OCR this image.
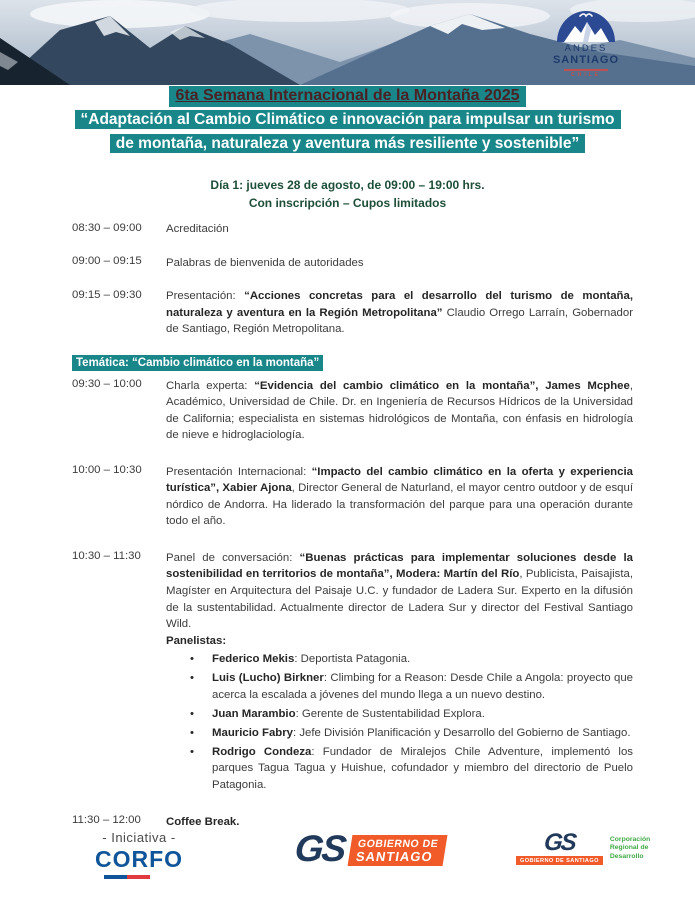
ANDES
SANTIAGO
CHILE
6ta Semana Internacional de la Montaña 2025
“Adaptación al Cambio Climático e innovación para impulsar un turismo de montaña, naturaleza y aventura más resiliente y sostenible”
Día 1: jueves 28 de agosto, de 09:00 – 19:00 hrs.
Con inscripción – Cupos limitados
08:30 – 09:00	Acreditación
09:00 – 09:15	Palabras de bienvenida de autoridades
09:15 – 09:30	Presentación: “Acciones concretas para el desarrollo del turismo de montaña, naturaleza y aventura en la Región Metropolitana” Claudio Orrego Larraín, Gobernador de Santiago, Región Metropolitana.
Temática: “Cambio climático en la montaña”
09:30 – 10:00	Charla experta: “Evidencia del cambio climático en la montaña”, James Mcphee, Académico, Universidad de Chile. Dr. en Ingeniería de Recursos Hídricos de la Universidad de California; especialista en sistemas hidrológicos de Montaña, con énfasis en hidrología de nieve e hidroglaciología.
10:00 – 10:30	Presentación Internacional: “Impacto del cambio climático en la oferta y experiencia turística”, Xabier Ajona, Director General de Naturland, el mayor centro outdoor y de esquí nórdico de Andorra. Ha liderado la transformación del parque para una operación durante todo el año.
10:30 – 11:30	Panel de conversación: “Buenas prácticas para implementar soluciones desde la sostenibilidad en territorios de montaña”, Modera: Martín del Río, Publicista, Paisajista, Magíster en Arquitectura del Paisaje U.C. y fundador de Ladera Sur. Experto en la difusión de la sustentabilidad. Actualmente director de Ladera Sur y director del Festival Santiago Wild.
Panelistas:
•	Federico Mekis: Deportista Patagonia.
•	Luis (Lucho) Birkner: Climbing for a Reason: Desde Chile a Angola: proyecto que acerca la escalada a jóvenes del mundo llega a un nuevo destino.
•	Juan Marambio: Gerente de Sustentabilidad Explora.
•	Mauricio Fabry: Jefe División Planificación y Desarrollo del Gobierno de Santiago.
•	Rodrigo Condeza: Fundador de Miralejos Chile Adventure, implementó los parques Tagua Tagua y Huishue, cofundador y miembro del directorio de Puelo Patagonia.
11:30 – 12:00	Coffee Break.
- Iniciativa -
CORFO	GS GOBIERNO DE
SANTIAGO
GS
GOBIERNO DE SANTIAGO
Corporación
Regional de
Desarrollo
